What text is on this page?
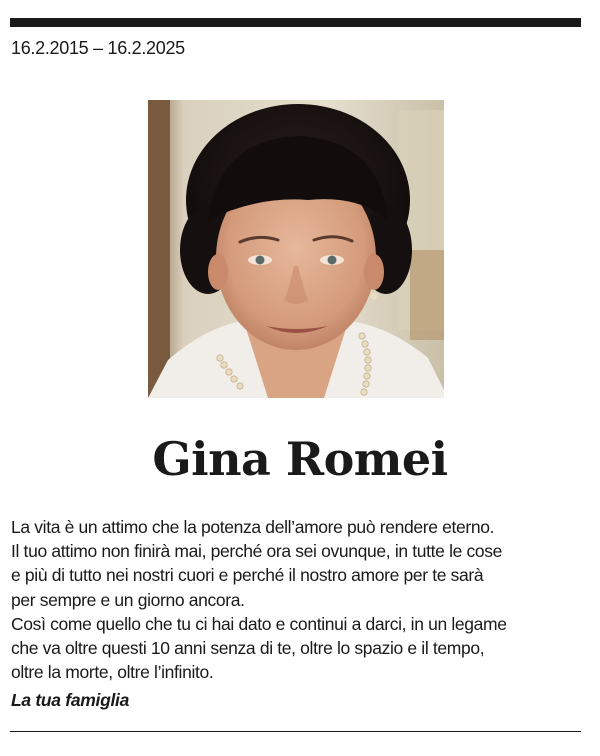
16.2.2015 – 16.2.2025
Gina Romei
La vita è un attimo che la potenza dell’amore può rendere eterno.
Il tuo attimo non finirà mai, perché ora sei ovunque, in tutte le cose
e più di tutto nei nostri cuori e perché il nostro amore per te sarà
per sempre e un giorno ancora.
Così come quello che tu ci hai dato e continui a darci, in un legame
che va oltre questi 10 anni senza di te, oltre lo spazio e il tempo,
oltre la morte, oltre l’infinito.
La tua famiglia
